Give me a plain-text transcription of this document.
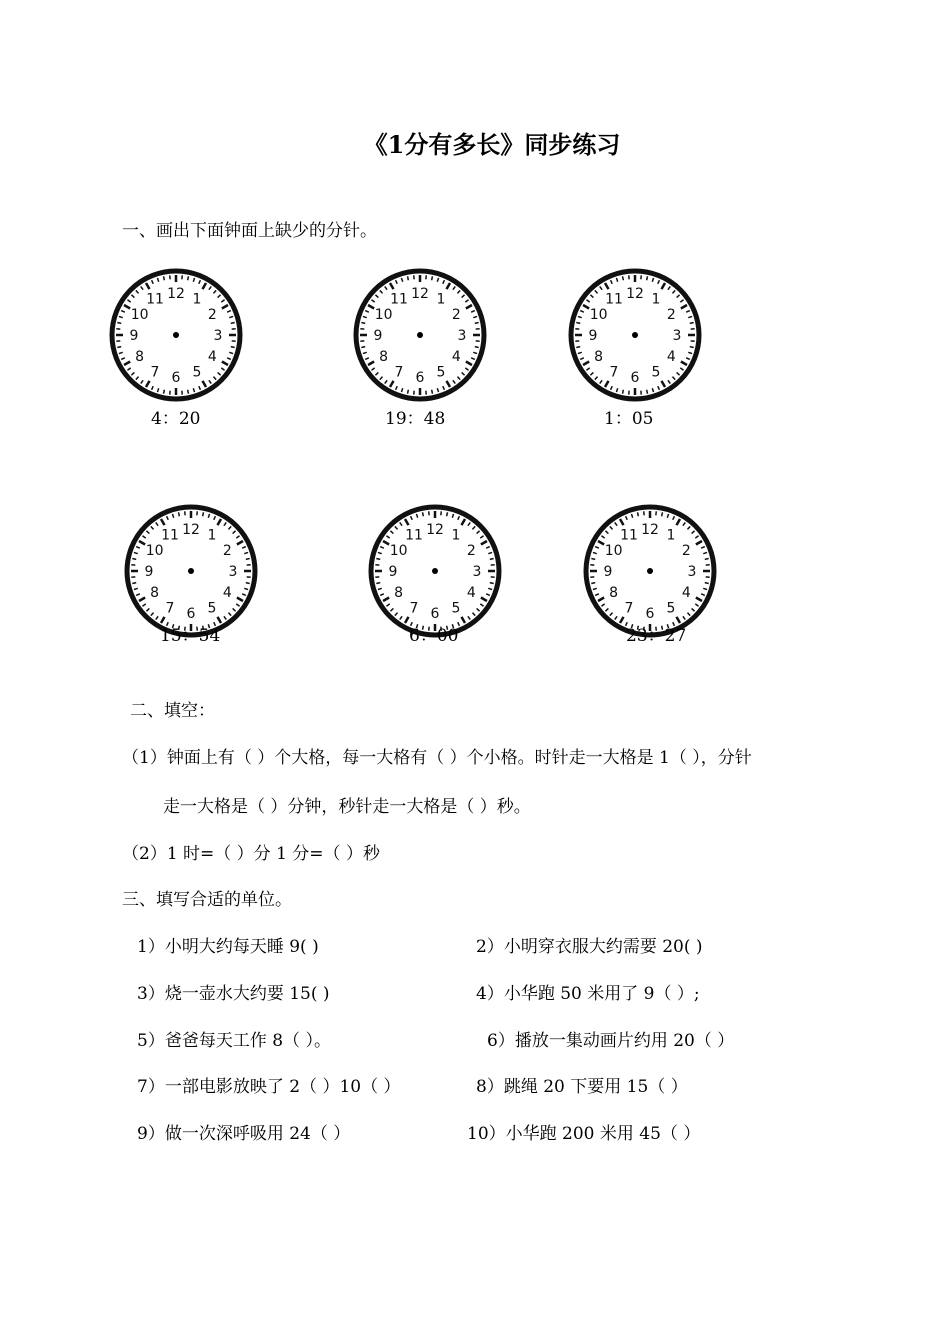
《1分有多长》同步练习
一、画出下面钟面上缺少的分针。
12 1
2
3
4
5
6
7
8
9
10
11	12 1
2
3
4
5
6
7
8
9
10
11	12 1
2
3
4
5
6
7
8
9
10
11
4：20	19：48	1：05
12 1
2
3
4
5
6
7
8
9
10
11	12 1
2
3
4
5
6
7
8
9
10
11	12 1
2
3
4
5
6
7
8
9
10
11
15：54	6：00	23：27
二、填空：
（1）钟面上有（ ）个大格，每一大格有（ ）个小格。时针走一大格是 1（ ），分针
走一大格是（ ）分钟，秒针走一大格是（ ）秒。
（2）1 时=（ ）分 1 分=（ ）秒
三、填写合适的单位。
1）小明大约每天睡 9( )	2）小明穿衣服大约需要 20( )
3）烧一壶水大约要 15( )	4）小华跑 50 米用了 9（ ）;
5）爸爸每天工作 8（ ）。	6）播放一集动画片约用 20（ ）
7）一部电影放映了 2（ ）10（ ）	8）跳绳 20 下要用 15（ ）
9）做一次深呼吸用 24（ ）	10）小华跑 200 米用 45（ ）
